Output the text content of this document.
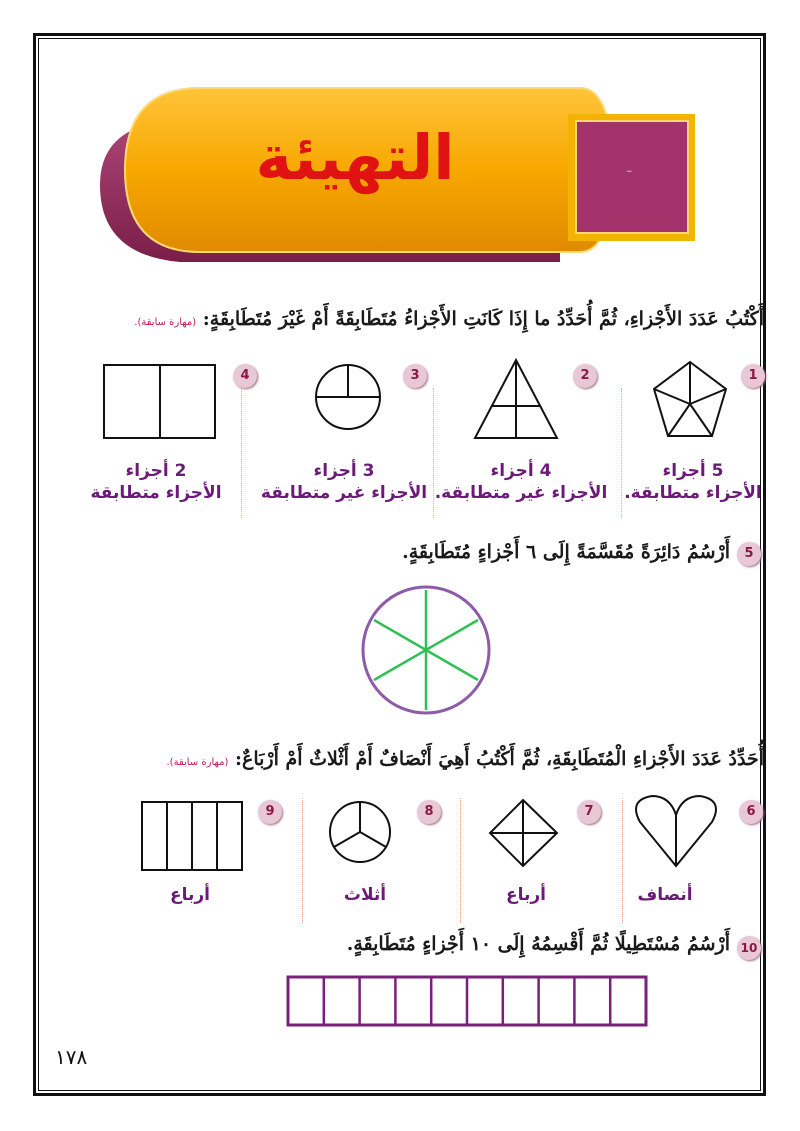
-
التهيئة
أَكْتُبُ عَدَدَ الأَجْزاءِ، ثُمَّ أُحَدِّدُ ما إِذَا كَانَتِ الأَجْزاءُ مُتَطَابِقَةً أَمْ غَيْرَ مُتَطَابِقَةٍ: (مهارة سابقة).
1
2
3
4
5 أجزاء
الأجزاء متطابقة.
4 أجزاء
الأجزاء غير متطابقة.
3 أجزاء
الأجزاء غير متطابقة
2 أجزاء
الأجزاء متطابقة
5
أَرْسُمُ دَائِرَةً مُقَسَّمَةً إِلَى ٦ أَجْزاءٍ مُتَطَابِقَةٍ.
أُحَدِّدُ عَدَدَ الأَجْزاءِ الْمُتَطَابِقَةِ، ثُمَّ أَكْتُبُ أَهِيَ أَنْصَافٌ أَمْ أَثْلاثٌ أَمْ أَرْبَاعٌ: (مهارة سابقة).
6
7
8
9
أنصاف
أرباع
أثلاث
أرباع
10
أَرْسُمُ مُسْتَطِيلًا ثُمَّ أَقْسِمُهُ إِلَى ١٠ أَجْزاءٍ مُتَطَابِقَةٍ.
١٧٨
